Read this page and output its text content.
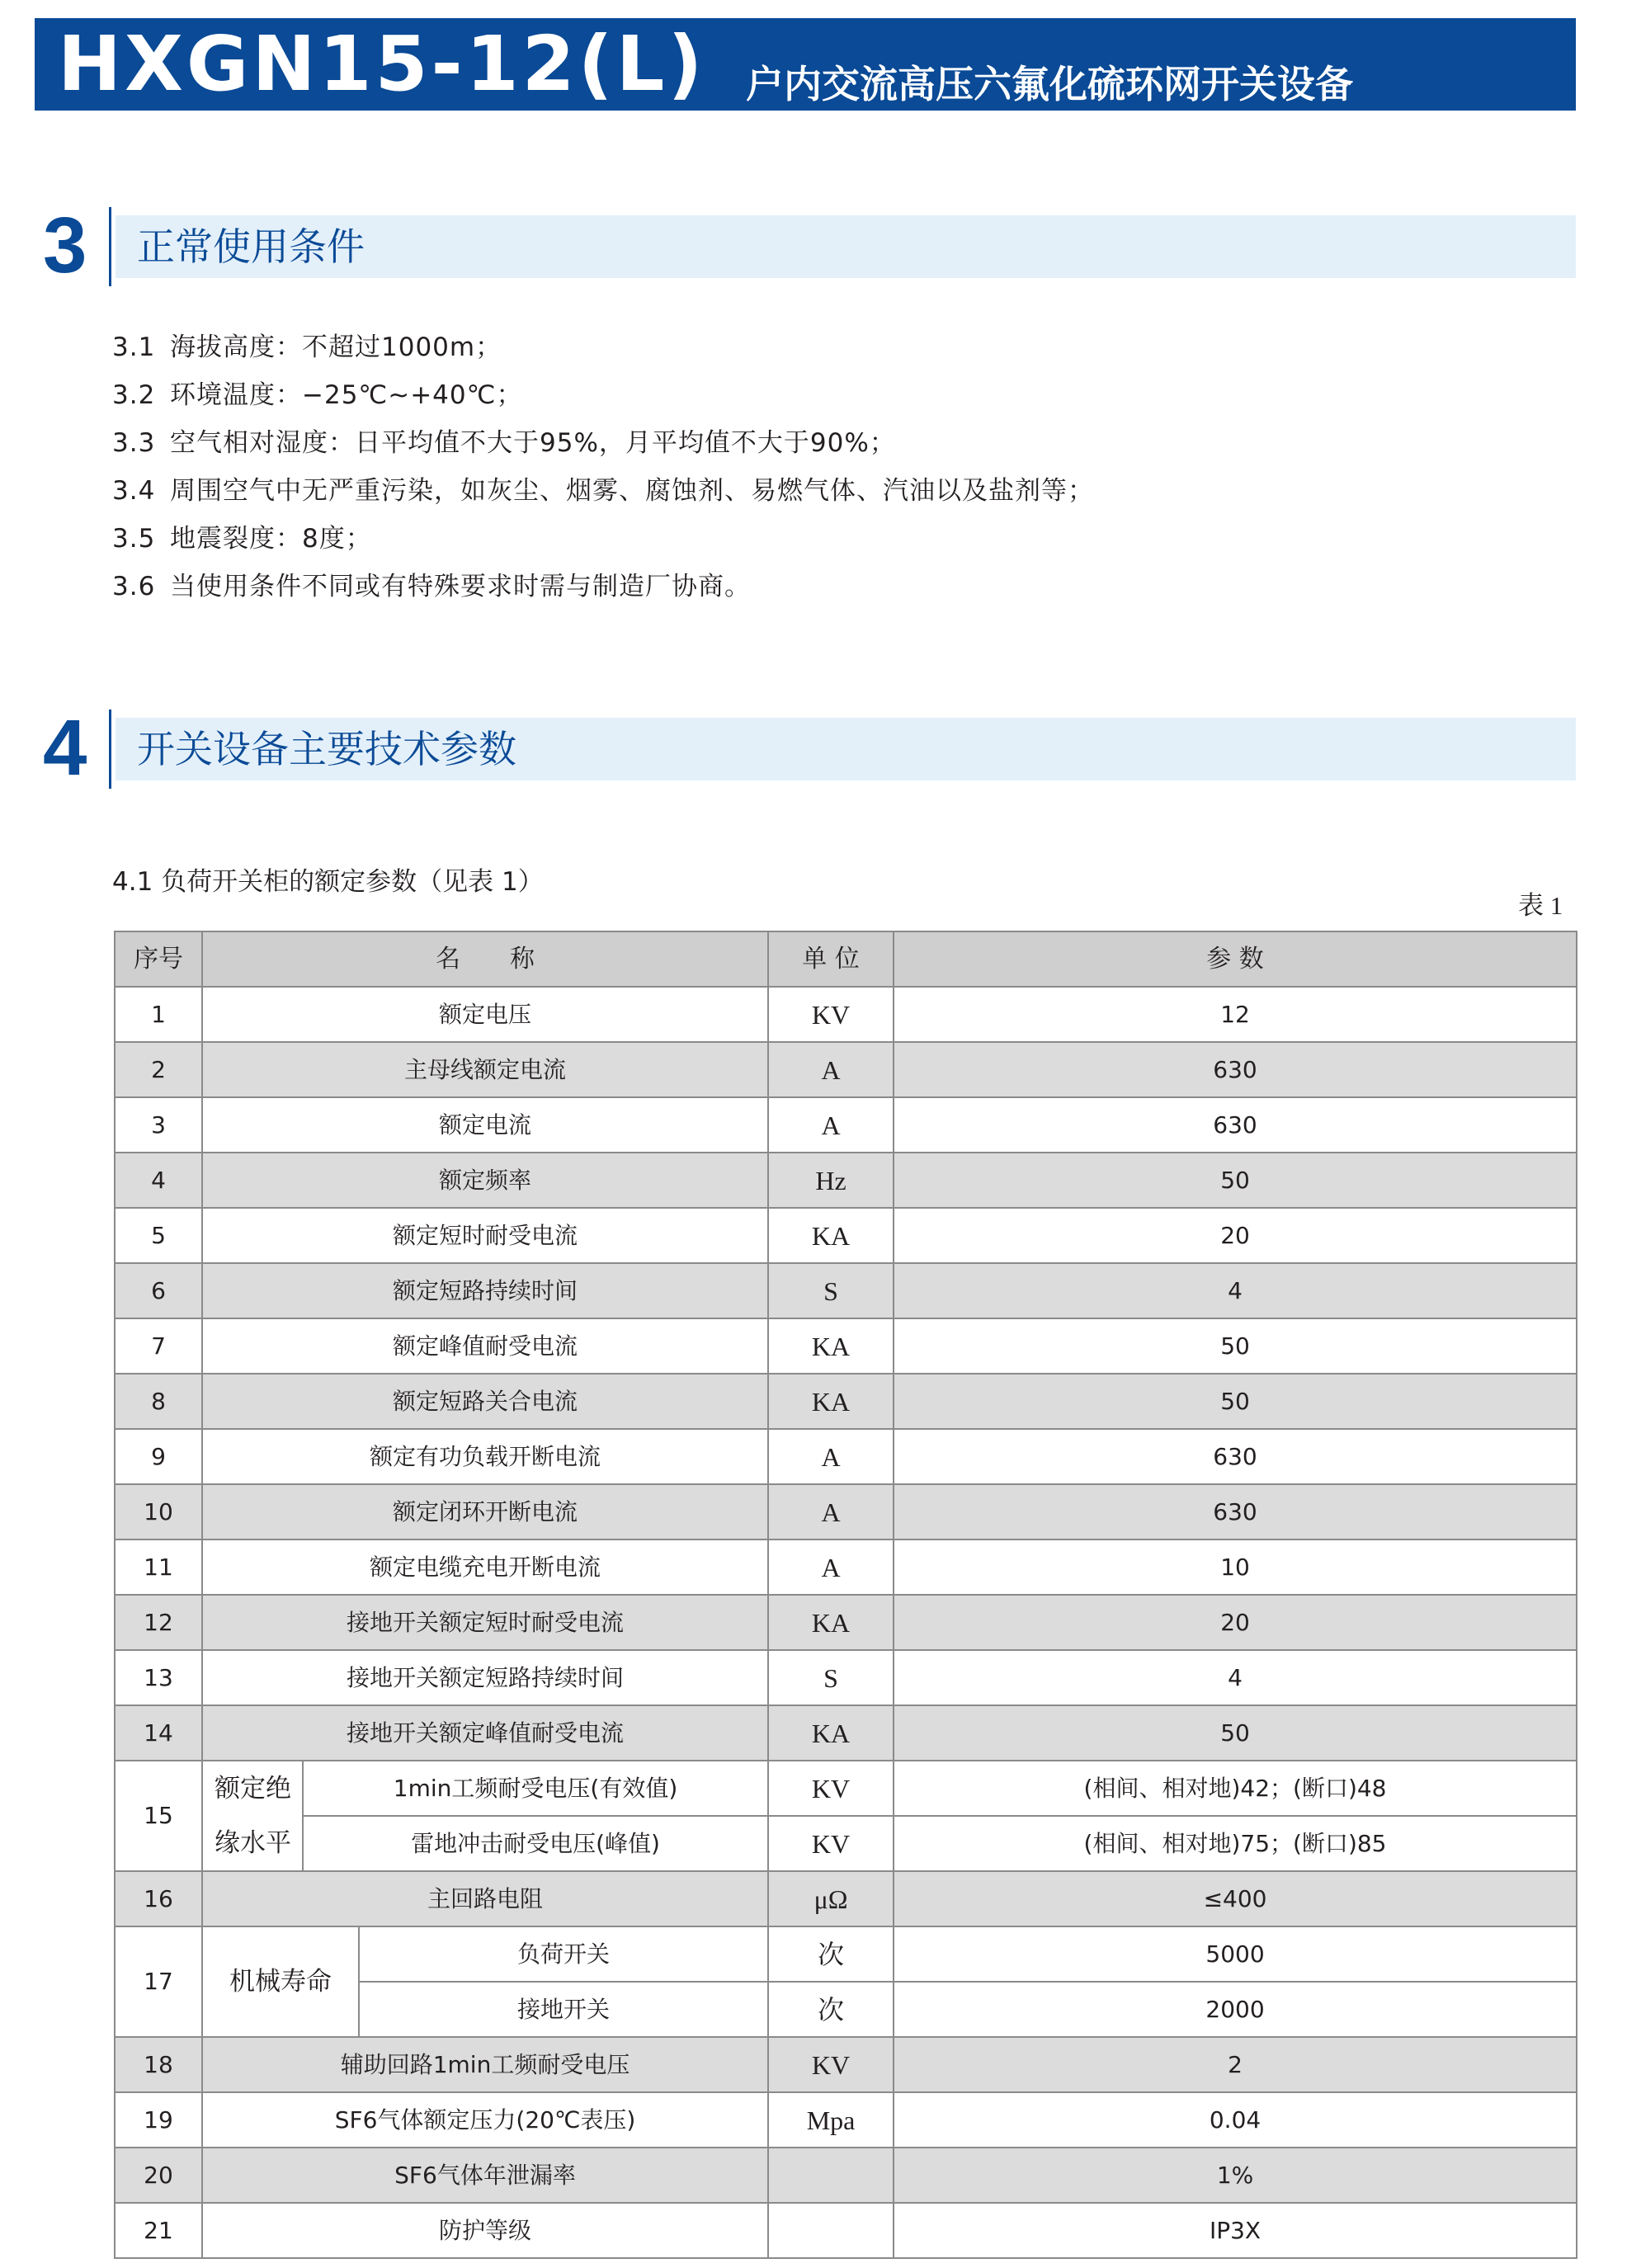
HXGN15-12(L) 户内交流高压六氟化硫环网开关设备
3 正常使用条件
3.1 海拔高度：不超过1000m；
3.2 环境温度：−25℃~+40℃；
3.3 空气相对湿度：日平均值不大于95%，月平均值不大于90%；
3.4 周围空气中无严重污染，如灰尘、烟雾、腐蚀剂、易燃气体、汽油以及盐剂等；
3.5 地震裂度：8度；
3.6 当使用条件不同或有特殊要求时需与制造厂协商。
4 开关设备主要技术参数
4.1 负荷开关柜的额定参数（见表 1）
表 1
序号	名　　称			单 位	参 数
1	额定电压			KV	12
2	主母线额定电流			A	630
3	额定电流			A	630
4	额定频率			Hz	50
5	额定短时耐受电流			KA	20
6	额定短路持续时间			S	4
7	额定峰值耐受电流			KA	50
8	额定短路关合电流			KA	50
9	额定有功负载开断电流			A	630
10	额定闭环开断电流			A	630
11	额定电缆充电开断电流			A	10
12	接地开关额定短时耐受电流			KA	20
13	接地开关额定短路持续时间			S	4
14	接地开关额定峰值耐受电流			KA	50
15	额定绝缘水平	1min工频耐受电压(有效值)		KV	(相间、相对地)42；(断口)48
		雷地冲击耐受电压(峰值)		KV	(相间、相对地)75；(断口)85
16	主回路电阻			μΩ	≤400
17	机械寿命		负荷开关	次	5000
			接地开关	次	2000
18	辅助回路1min工频耐受电压			KV	2
19	SF6气体额定压力(20℃表压)			Mpa	0.04
20	SF6气体年泄漏率				1%
21	防护等级				IP3X
